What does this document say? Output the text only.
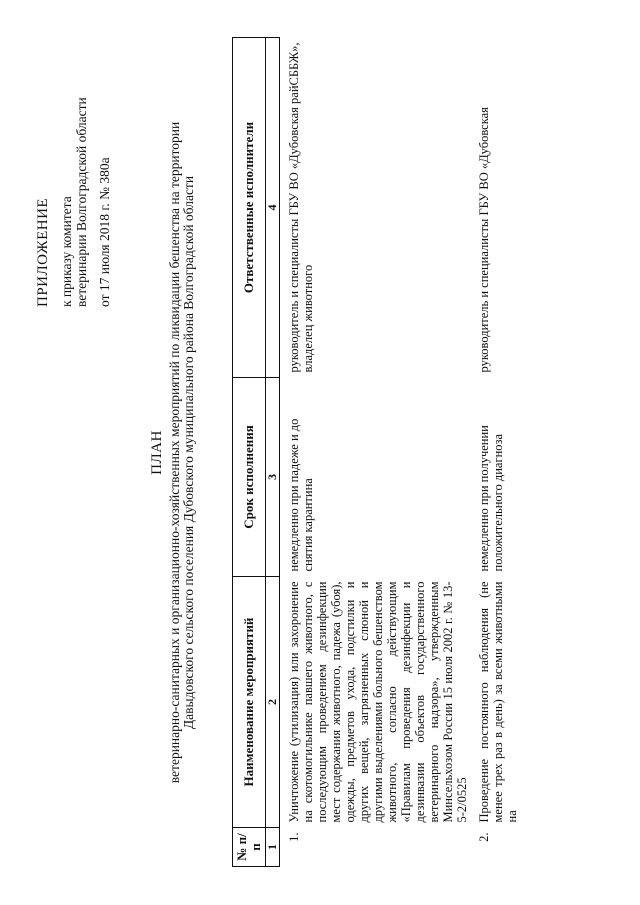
ПРИЛОЖЕНИЕ к приказу комитета ветеринарии Волгоградской области от 17 июля 2018 г. № 380а
ПЛАН ветеринарно-санитарных и организационно-хозяйственных мероприятий по ликвидации бешенства на территории Давыдовского сельского поселения Дубовского муниципального района Волгоградской области
№ п/п	Наименование мероприятий	Срок исполнения	Ответственные исполнители
1	2	3	4
1.	Уничтожение (утилизация) или захоронение на скотомогильнике павшего животного, с последующим проведением дезинфекции мест содержания животного, падежа (убоя), одежды, предметов ухода, подстилки и других вещей, загрязненных слюной и другими выделениями больного бешенством животного, согласно действующим «Правилам проведения дезинфекции и дезинвазии объектов государственного ветеринарного надзора», утвержденным Минсельхозом России 15 июля 2002 г. № 13-5-2/0525	немедленно при падеже и до снятия карантина	руководитель и специалисты ГБУ ВО «Дубовская райСББЖ», владелец животного
2.	Проведение постоянного наблюдения (не менее трех раз в день) за всеми животными на	немедленно при получении положительного диагноза	руководитель и специалисты ГБУ ВО «Дубовская
